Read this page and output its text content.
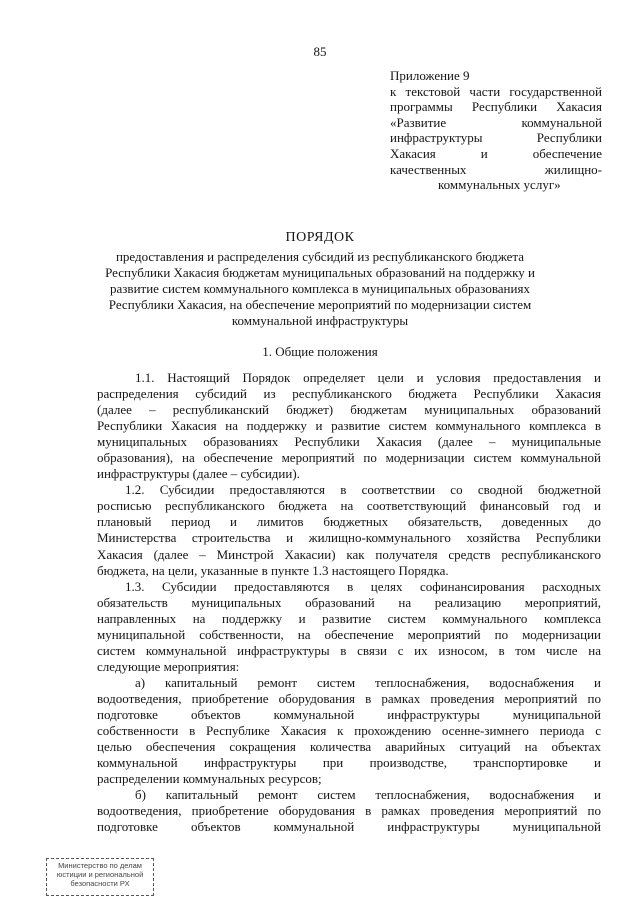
85
Приложение 9
к текстовой части государственной
программы Республики Хакасия
«Развитие коммунальной
инфраструктуры Республики
Хакасия и обеспечение
качественных жилищно-
коммунальных услуг»
ПОРЯДОК
предоставления и распределения субсидий из республиканского бюджета
Республики Хакасия бюджетам муниципальных образований на поддержку и
развитие систем коммунального комплекса в муниципальных образованиях
Республики Хакасия, на обеспечение мероприятий по модернизации систем
коммунальной инфраструктуры
1. Общие положения
1.1. Настоящий Порядок определяет цели и условия предоставления и
распределения субсидий из республиканского бюджета Республики Хакасия
(далее – республиканский бюджет) бюджетам муниципальных образований
Республики Хакасия на поддержку и развитие систем коммунального комплекса в
муниципальных образованиях Республики Хакасия (далее – муниципальные
образования), на обеспечение мероприятий по модернизации систем коммунальной
инфраструктуры (далее – субсидии).
1.2. Субсидии предоставляются в соответствии со сводной бюджетной
росписью республиканского бюджета на соответствующий финансовый год и
плановый период и лимитов бюджетных обязательств, доведенных до
Министерства строительства и жилищно-коммунального хозяйства Республики
Хакасия (далее – Минстрой Хакасии) как получателя средств республиканского
бюджета, на цели, указанные в пункте 1.3 настоящего Порядка.
1.3. Субсидии предоставляются в целях софинансирования расходных
обязательств муниципальных образований на реализацию мероприятий,
направленных на поддержку и развитие систем коммунального комплекса
муниципальной собственности, на обеспечение мероприятий по модернизации
систем коммунальной инфраструктуры в связи с их износом, в том числе на
следующие мероприятия:
а) капитальный ремонт систем теплоснабжения, водоснабжения и
водоотведения, приобретение оборудования в рамках проведения мероприятий по
подготовке объектов коммунальной инфраструктуры муниципальной
собственности в Республике Хакасия к прохождению осенне-зимнего периода с
целью обеспечения сокращения количества аварийных ситуаций на объектах
коммунальной инфраструктуры при производстве, транспортировке и
распределении коммунальных ресурсов;
б) капитальный ремонт систем теплоснабжения, водоснабжения и
водоотведения, приобретение оборудования в рамках проведения мероприятий по
подготовке объектов коммунальной инфраструктуры муниципальной
Министерство по делам
юстиции и региональной
безопасности РХ
